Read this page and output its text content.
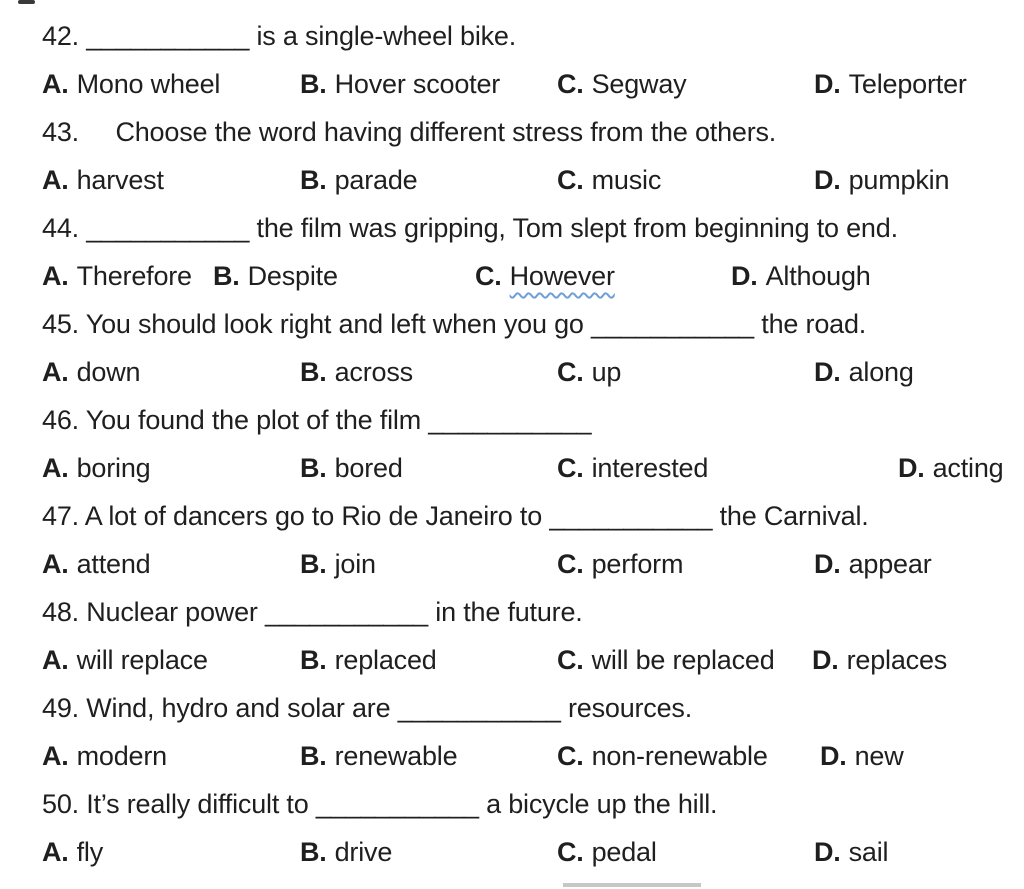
42. ___________ is a single-wheel bike.
A. Mono wheel	B. Hover scooter C. Segway	D. Teleporter
43.     Choose the word having different stress from the others.
A. harvest	B. parade	C. music	D. pumpkin
44. ___________ the film was gripping, Tom slept from beginning to end.
A. Therefore B. Despite	C. However	D. Although
45. You should look right and left when you go ___________ the road.
A. down	B. across	C. up	D. along
46. You found the plot of the film ___________
A. boring	B. bored	C. interested	D. acting
47. A lot of dancers go to Rio de Janeiro to ___________ the Carnival.
A. attend	B. join	C. perform	D. appear
48. Nuclear power ___________ in the future.
A. will replace	B. replaced	C. will be replaced D. replaces
49. Wind, hydro and solar are ___________ resources.
A. modern	B. renewable	C. non-renewable D. new
50. It’s really difficult to ___________ a bicycle up the hill.
A. fly	B. drive	C. pedal	D. sail
